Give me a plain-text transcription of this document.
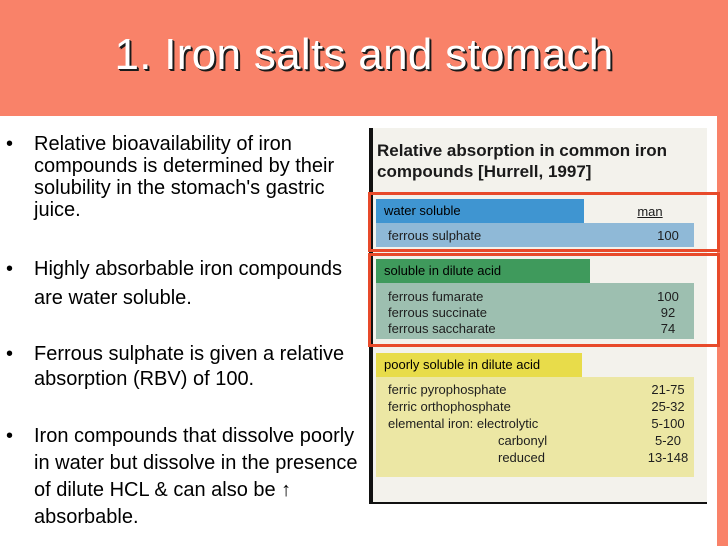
1. Iron salts and stomach
•	Relative bioavailability of iron compounds is determined by their solubility in the stomach's gastric juice.
•	Highly absorbable iron compounds are water soluble.
•	Ferrous sulphate is given a relative absorption (RBV) of 100.
•	Iron compounds that dissolve poorly in water but dissolve in the presence of dilute HCL & can also be ↑ absorbable.
Relative absorption in common iron compounds [Hurrell, 1997]
water soluble	man
ferrous sulphate	100
soluble in dilute acid
ferrous fumarate	100
ferrous succinate	92
ferrous saccharate	74
poorly soluble in dilute acid
ferric pyrophosphate	21-75
ferric orthophosphate	25-32
elemental iron: electrolytic	5-100
carbonyl	5-20
reduced	13-148
